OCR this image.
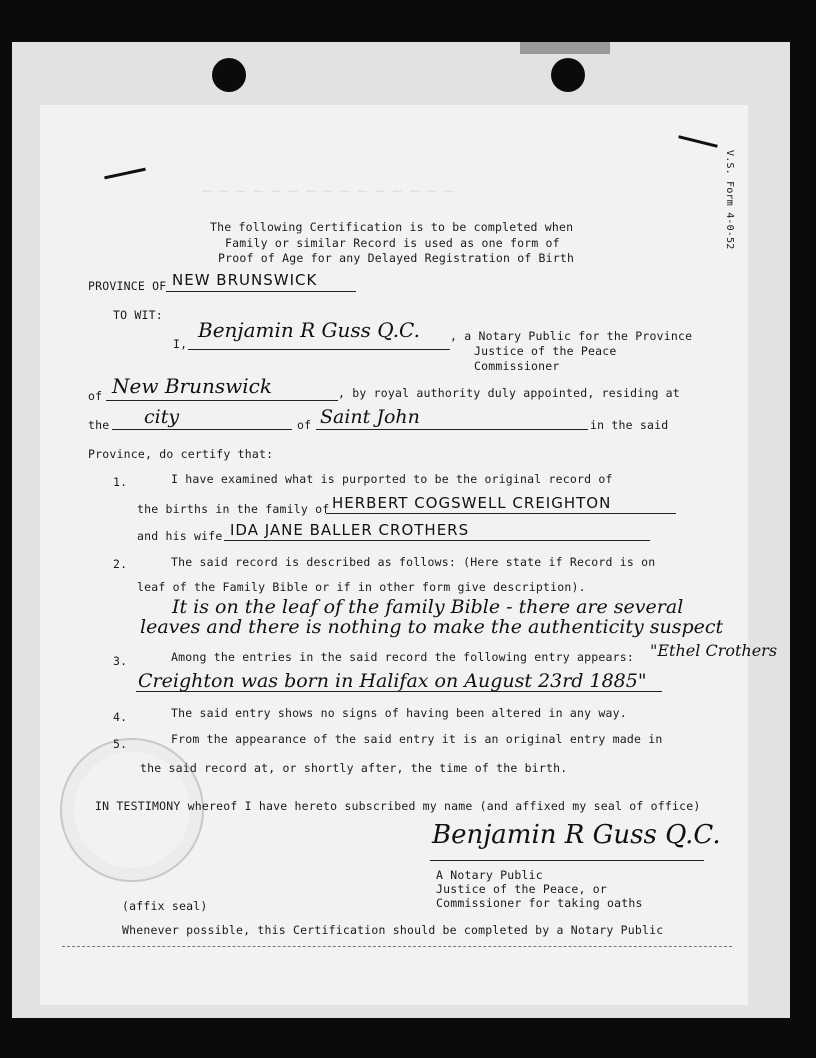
~ ~ ~ ~ ~ ~ ~ ~ ~ ~ ~ ~ ~ ~ ~	V.S. Form 4-0-52
The following Certification is to be completed when
Family or similar Record is used as one form of
Proof of Age for any Delayed Registration of Birth
PROVINCE OF NEW BRUNSWICK
TO WIT:
I,
Benjamin R Guss Q.C.	, a Notary Public for the Province
Justice of the Peace
Commissioner
of New Brunswick	, by royal authority duly appointed, residing at
the city	of Saint John	in the said
Province, do certify that:
1.	I have examined what is purported to be the original record of
the births in the family of HERBERT COGSWELL CREIGHTON
and his wife IDA JANE BALLER CROTHERS
2.	The said record is described as follows: (Here state if Record is on
leaf of the Family Bible or if in other form give description).
It is on the leaf of the family Bible - there are several
leaves and there is nothing to make the authenticity suspect
3.	Among the entries in the said record the following entry appears: "Ethel Crothers
Creighton was born in Halifax on August 23rd 1885"
4.	The said entry shows no signs of having been altered in any way.
5.	From the appearance of the said entry it is an original entry made in
the said record at, or shortly after, the time of the birth.
IN TESTIMONY whereof I have hereto subscribed my name (and affixed my seal of office)
Benjamin R Guss Q.C.
A Notary Public
Justice of the Peace, or
Commissioner for taking oaths
(affix seal)
Whenever possible, this Certification should be completed by a Notary Public
